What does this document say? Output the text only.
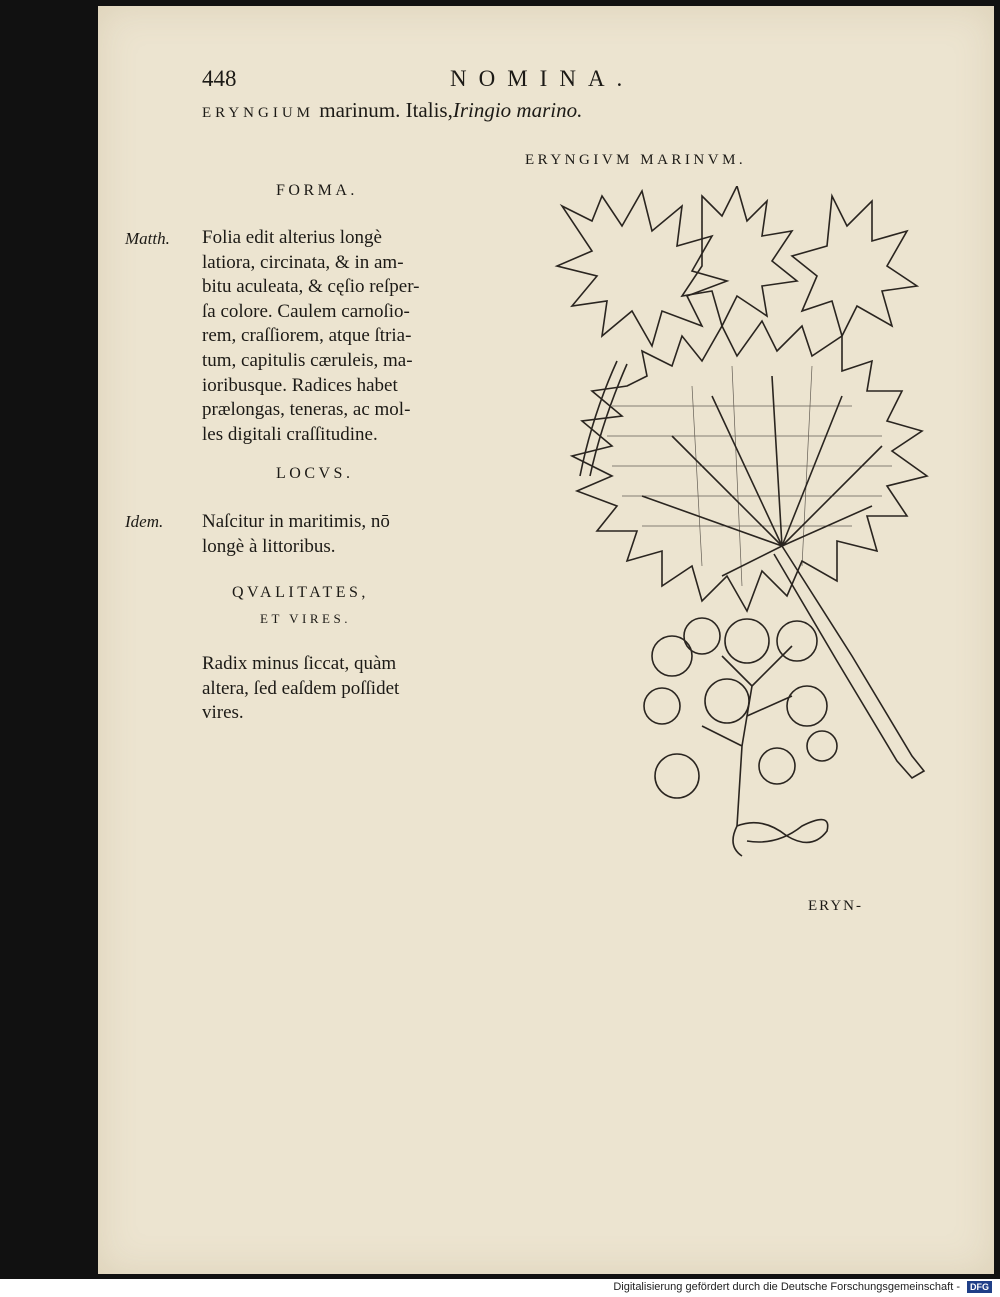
448	NOMINA.
ERYNGIUM marinum. Italis,Iringio marino.
ERYNGIVM MARINVM.
FORMA.
Matth. Folia edit alterius longè
latiora, circinata, & in am-
bitu aculeata, & cęſio reſper-
ſa colore. Caulem carnoſio-
rem, craſſiorem, atque ſtria-
tum, capitulis cæruleis, ma-
ioribusque. Radices habet
prælongas, teneras, ac mol-
les digitali craſſitudine.
LOCVS.
Idem. Naſcitur in maritimis, nō
longè à littoribus.
QVALITATES,
ET VIRES.
Radix minus ſiccat, quàm
altera, ſed eaſdem poſſidet
vires.
ERYN-
Digitalisierung gefördert durch die Deutsche Forschungsgemeinschaft -	DFG
